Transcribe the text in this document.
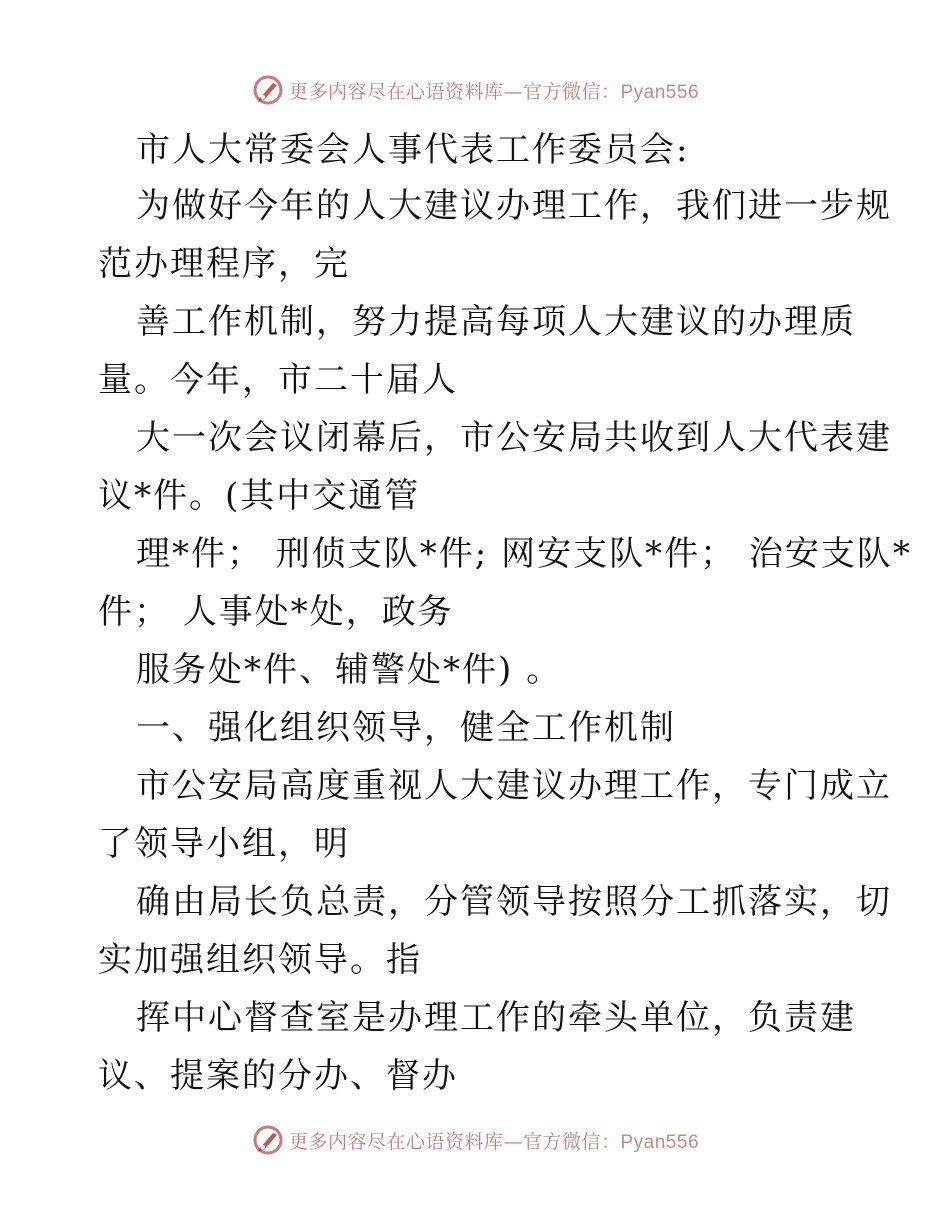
更多内容尽在心语资料库—官方微信：Pyan556
市人大常委会人事代表工作委员会:
为做好今年的人大建议办理工作，我们进一步规
范办理程序，完
善工作机制，努力提高每项人大建议的办理质
量。今年，市二十届人
大一次会议闭幕后，市公安局共收到人大代表建
议*件。(其中交通管
理*件； 刑侦支队*件; 网安支队*件； 治安支队*
件； 人事处*处，政务
服务处*件、辅警处*件) 。
一、强化组织领导，健全工作机制
市公安局高度重视人大建议办理工作，专门成立
了领导小组，明
确由局长负总责，分管领导按照分工抓落实，切
实加强组织领导。指
挥中心督查室是办理工作的牵头单位，负责建
议、提案的分办、督办
更多内容尽在心语资料库—官方微信：Pyan556
